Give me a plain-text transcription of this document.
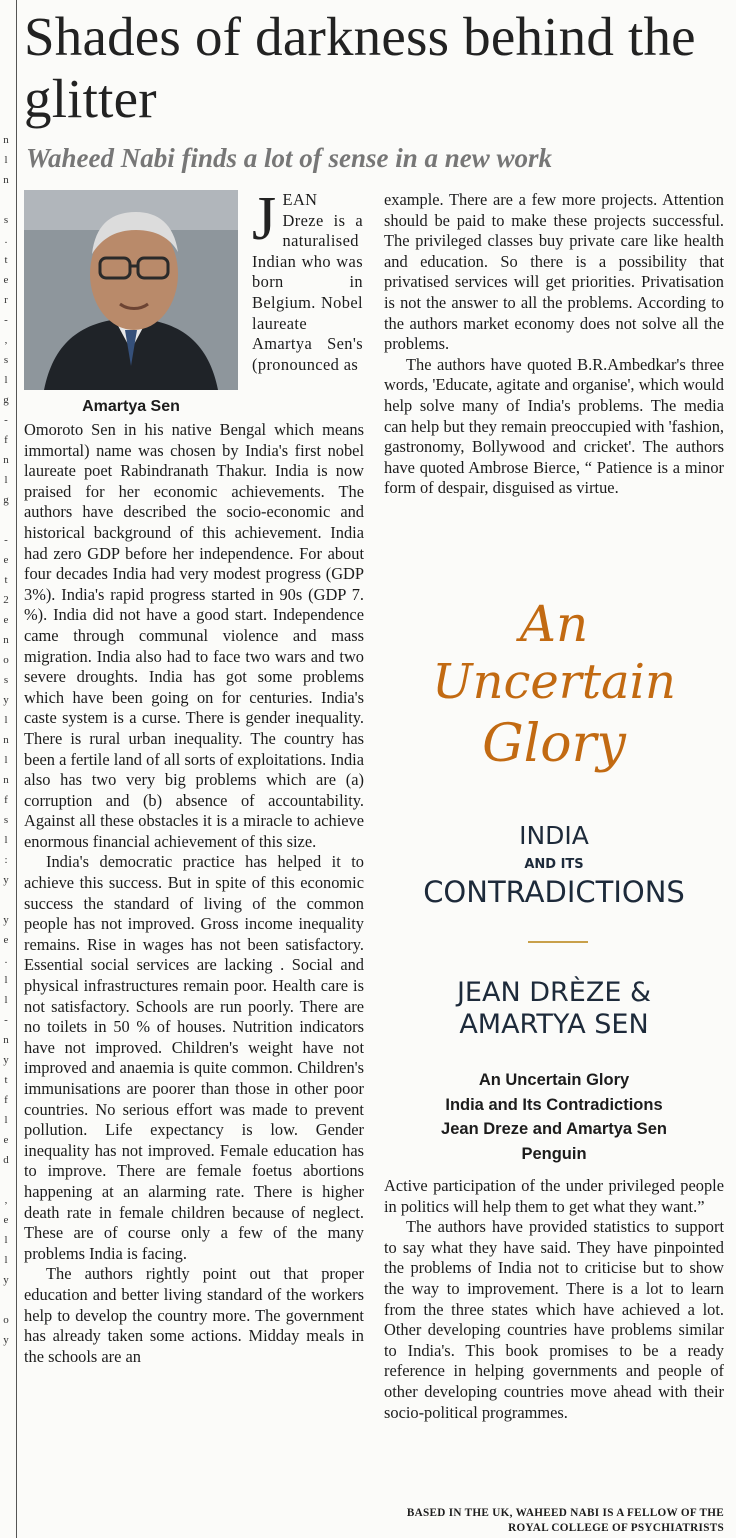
n
l
n

s
.
t
e
r
-
,
s
l
g
-
f
n
l
g

-
e
t
2
e
n
o
s
y
l
n
l
n
f
s
l
:
y

y
e
.
l
l
-
n
y
t
f
l
e
d

,
e
l
l
y

o
y
Shades of darkness behind the glitter

Waheed Nabi finds a lot of sense in a new work

Amartya Sen

J EAN Dreze is a naturalised Indian who was born in Belgium. Nobel laureate Amartya Sen's (pronounced as

Omoroto Sen in his native Bengal which means immortal) name was chosen by India's first nobel laureate poet Rabindranath Thakur. India is now praised for her economic achievements. The authors have described the socio-economic and historical background of this achievement. India had zero GDP before her independence. For about four decades India had very modest progress (GDP 3%). India's rapid progress started in 90s (GDP 7. %). India did not have a good start. Independence came through communal violence and mass migration. India also had to face two wars and two severe droughts. India has got some problems which have been going on for centuries. India's caste system is a curse. There is gender inequality. There is rural urban inequality. The country has been a fertile land of all sorts of exploitations. India also has two very big problems which are (a) corruption and (b) absence of accountability. Against all these obstacles it is a miracle to achieve enormous financial achievement of this size.

India's democratic practice has helped it to achieve this success. But in spite of this economic success the standard of living of the common people has not improved. Gross income inequality remains. Rise in wages has not been satisfactory. Essential social services are lacking . Social and physical infrastructures remain poor. Health care is not satisfactory. Schools are run poorly. There are no toilets in 50 % of houses. Nutrition indicators have not improved. Children's weight have not improved and anaemia is quite common. Children's immunisations are poorer than those in other poor countries. No serious effort was made to prevent pollution. Life expectancy is low. Gender inequality has not improved. Female education has to improve. There are female foetus abortions happening at an alarming rate. There is higher death rate in female children because of neglect. These are of course only a few of the many problems India is facing.

The authors rightly point out that proper education and better living standard of the workers help to develop the country more. The government has already taken some actions. Midday meals in the schools are an

example. There are a few more projects. Attention should be paid to make these projects successful. The privileged classes buy private care like health and education. So there is a possibility that privatised services will get priorities. Privatisation is not the answer to all the problems. According to the authors market economy does not solve all the problems.

The authors have quoted B.R.Ambedkar's three words, 'Educate, agitate and organise', which would help solve many of India's problems. The media can help but they remain preoccupied with 'fashion, gastronomy, Bollywood and cricket'. The authors have quoted Ambrose Bierce, “ Patience is a minor form of despair, disguised as virtue.

An

Uncertain

Glory

INDIA

AND ITS

CONTRADICTIONS

JEAN DRÈZE &

AMARTYA SEN

An Uncertain Glory
India and Its Contradictions
Jean Dreze and Amartya Sen
Penguin

Active participation of the under privileged people in politics will help them to get what they want.”

The authors have provided statistics to support to say what they have said. They have pinpointed the problems of India not to criticise but to show the way to improvement. There is a lot to learn from the three states which have achieved a lot. Other developing countries have problems similar to India's. This book promises to be a ready reference in helping governments and people of other developing countries move ahead with their socio-political programmes.

BASED IN THE UK, WAHEED NABI IS A FELLOW OF THE ROYAL COLLEGE OF PSYCHIATRISTS
